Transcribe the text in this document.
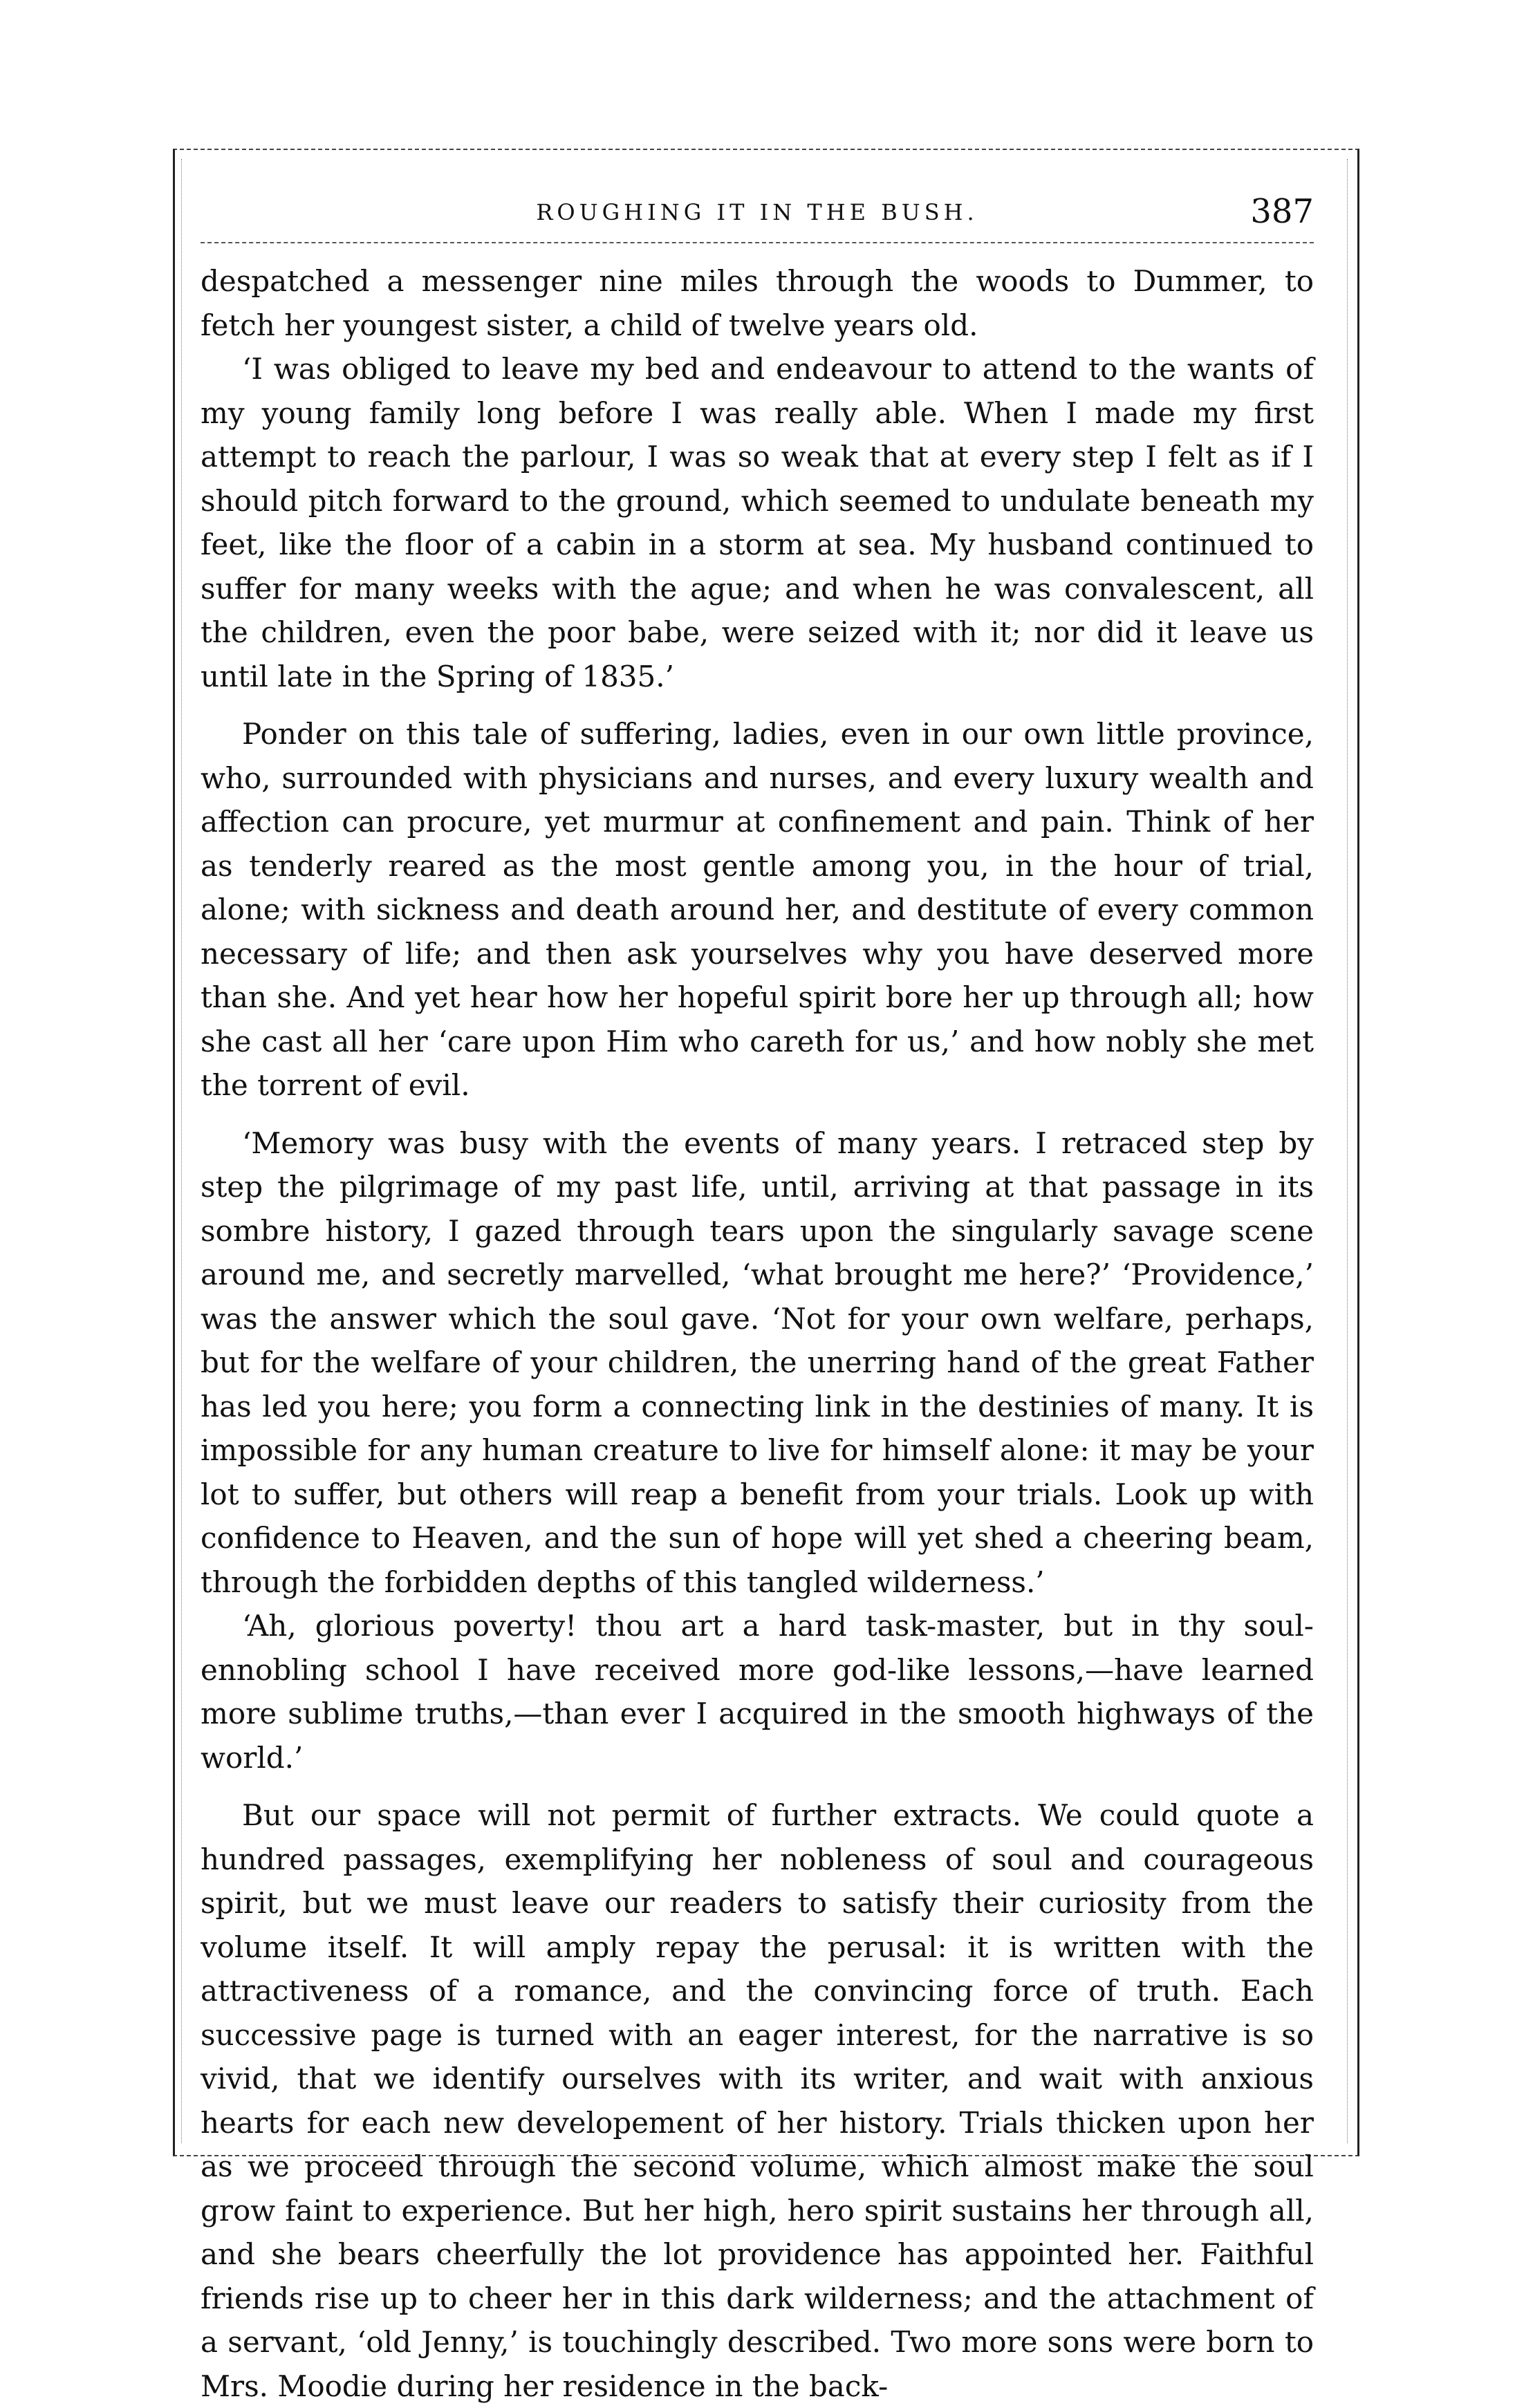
ROUGHING IT IN THE BUSH.	387

despatched a messenger nine miles through the woods to Dummer, to fetch her youngest sister, a child of twelve years old.

‘I was obliged to leave my bed and endeavour to attend to the wants of my young family long before I was really able. When I made my first attempt to reach the parlour, I was so weak that at every step I felt as if I should pitch forward to the ground, which seemed to undulate beneath my feet, like the floor of a cabin in a storm at sea. My husband continued to suffer for many weeks with the ague; and when he was convalescent, all the children, even the poor babe, were seized with it; nor did it leave us until late in the Spring of 1835.’

Ponder on this tale of suffering, ladies, even in our own little province, who, surrounded with physicians and nurses, and every luxury wealth and affection can procure, yet murmur at confinement and pain. Think of her as tenderly reared as the most gentle among you, in the hour of trial, alone; with sickness and death around her, and destitute of every common necessary of life; and then ask yourselves why you have deserved more than she. And yet hear how her hopeful spirit bore her up through all; how she cast all her ‘care upon Him who careth for us,’ and how nobly she met the torrent of evil.

‘Memory was busy with the events of many years. I retraced step by step the pilgrimage of my past life, until, arriving at that passage in its sombre history, I gazed through tears upon the singularly savage scene around me, and secretly marvelled, ‘what brought me here?’ ‘Providence,’ was the answer which the soul gave. ‘Not for your own welfare, perhaps, but for the welfare of your children, the unerring hand of the great Father has led you here; you form a connecting link in the destinies of many. It is impossible for any human creature to live for himself alone: it may be your lot to suffer, but others will reap a benefit from your trials. Look up with confidence to Heaven, and the sun of hope will yet shed a cheering beam, through the forbidden depths of this tangled wilderness.’

‘Ah, glorious poverty! thou art a hard task-master, but in thy soul-ennobling school I have received more god-like lessons,—have learned more sublime truths,—than ever I acquired in the smooth highways of the world.’

But our space will not permit of further extracts. We could quote a hundred passages, exemplifying her nobleness of soul and courageous spirit, but we must leave our readers to satisfy their curiosity from the volume itself. It will amply repay the perusal: it is written with the attractiveness of a romance, and the convincing force of truth. Each successive page is turned with an eager interest, for the narrative is so vivid, that we identify ourselves with its writer, and wait with anxious hearts for each new developement of her history. Trials thicken upon her as we proceed through the second volume, which almost make the soul grow faint to experience. But her high, hero spirit sustains her through all, and she bears cheerfully the lot providence has appointed her. Faithful friends rise up to cheer her in this dark wilderness; and the attachment of a servant, ‘old Jenny,’ is touchingly described. Two more sons were born to Mrs. Moodie during her residence in the back-
